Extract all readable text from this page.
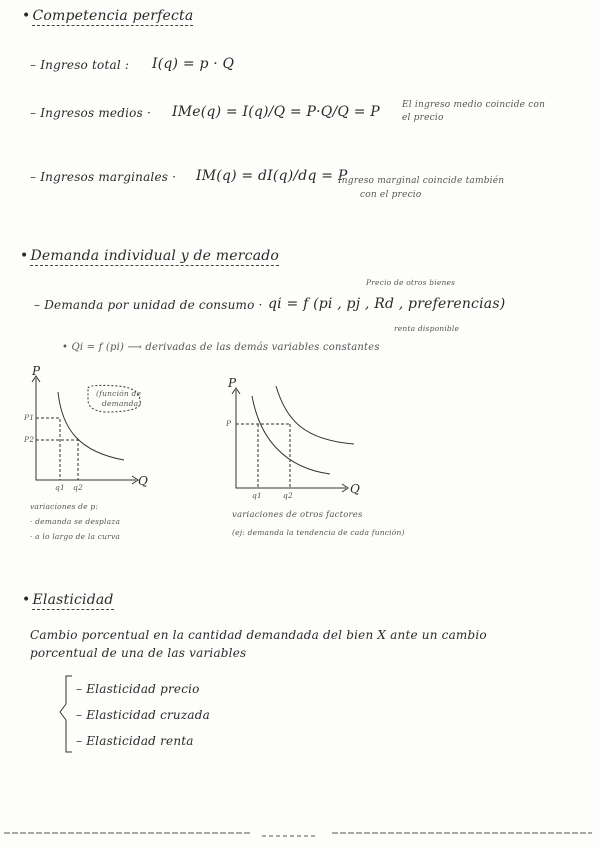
• Competencia perfecta
– Ingreso total : I(q) = p · Q
– Ingresos medios · IMe(q) = I(q)/Q = P·Q/Q = P El ingreso medio coincide con
el precio
– Ingresos marginales · IM(q) = dI(q)/dq = P
Ingreso marginal coincide también
con el precio
• Demanda individual y de mercado
Precio de otros bienes
– Demanda por unidad de consumo · qi = f (pi , pj , Rd , preferencias)
renta disponible
• Qi = f (pi) ⟶ derivadas de las demás variables constantes
P
Q
P1
P2
q1 q2
(función de
demanda)
variaciones de p:
· demanda se desplaza
· a lo largo de la curva
P
Q
P
q1	q2
variaciones de otros factores
(ej: demanda la tendencia de cada función)
• Elasticidad
Cambio porcentual en la cantidad demandada del bien X ante un cambio
porcentual de una de las variables
– Elasticidad precio
– Elasticidad cruzada
– Elasticidad renta
